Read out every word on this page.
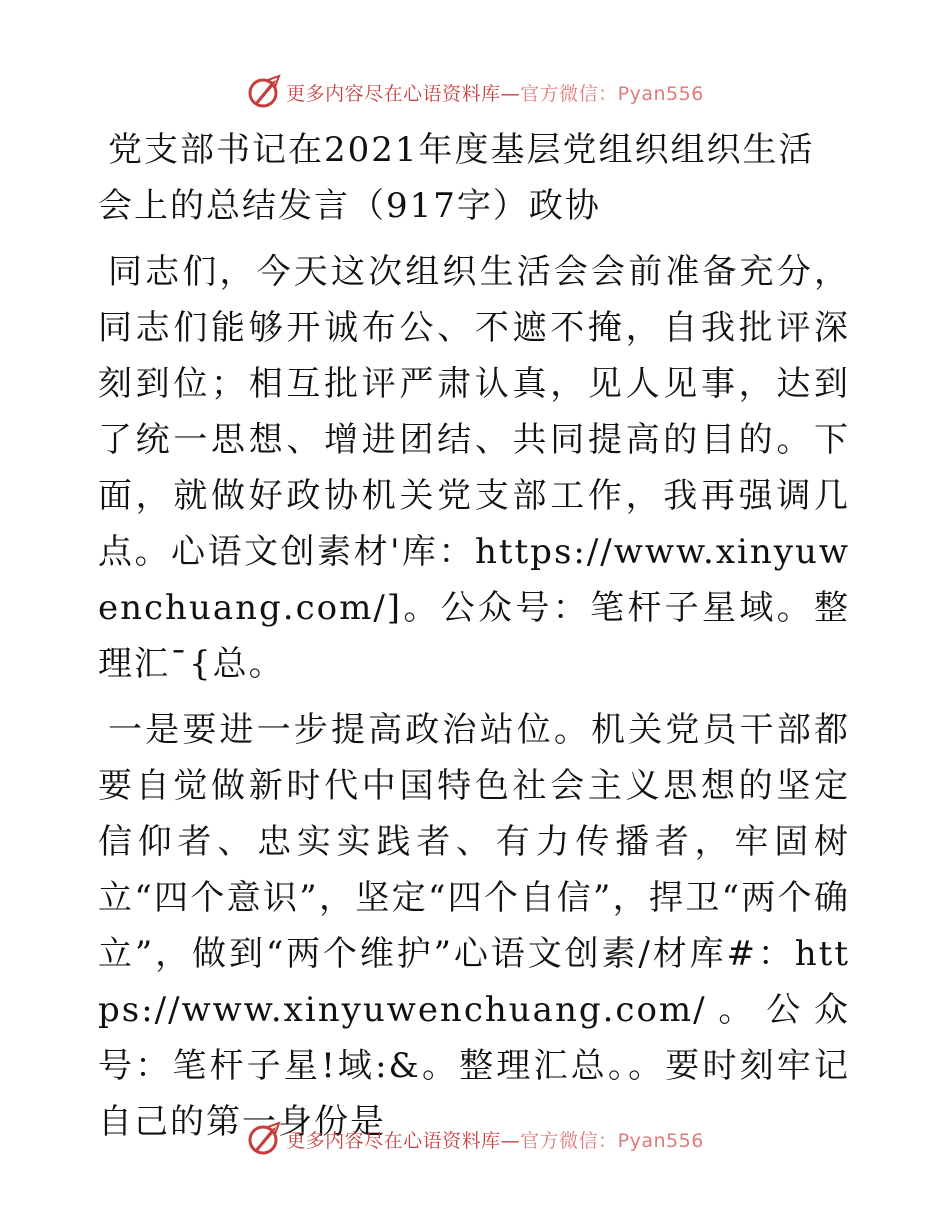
更多内容尽在心语资料库—官方微信：Pyan556
党支部书记在2021年度基层党组织组织生活会上的总结发言（917字）政协

同志们，今天这次组织生活会会前准备充分，同志们能够开诚布公、不遮不掩，自我批评深刻到位；相互批评严肃认真，见人见事，达到了统一思想、增进团结、共同提高的目的。下面，就做好政协机关党支部工作，我再强调几点。心语文创素材'库：https://www.xinyuwenchuang.com/]。公众号：笔杆子星域。整理汇¯{总。

一是要进一步提高政治站位。机关党员干部都要自觉做新时代中国特色社会主义思想的坚定信仰者、忠实实践者、有力传播者，牢固树立“四个意识”，坚定“四个自信”，捍卫“两个确立”，做到“两个维护”心语文创素/材库#：https://www.xinyuwenchuang.com/。公众号：笔杆子星!域:&。整理汇总。。要时刻牢记自己的第一身份是

更多内容尽在心语资料库—官方微信：Pyan556
